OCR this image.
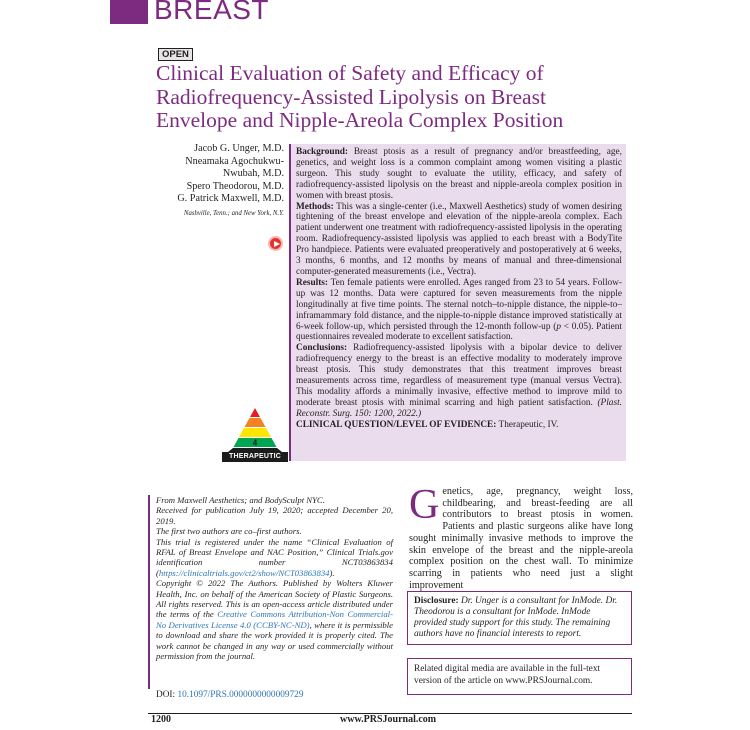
BREAST
OPEN
Clinical Evaluation of Safety and Efficacy of Radiofrequency-Assisted Lipolysis on Breast Envelope and Nipple-Areola Complex Position
Jacob G. Unger, M.D.
Nneamaka Agochukwu-
Nwubah, M.D.
Spero Theodorou, M.D.
G. Patrick Maxwell, M.D.
Nashville, Tenn.; and New York, N.Y.
4
THERAPEUTIC

Background: Breast ptosis as a result of pregnancy and/or breastfeeding, age, genetics, and weight loss is a common complaint among women visiting a plastic surgeon. This study sought to evaluate the utility, efficacy, and safety of radiofrequency-assisted lipolysis on the breast and nipple-areola complex position in women with breast ptosis.

Methods: This was a single-center (i.e., Maxwell Aesthetics) study of women desiring tightening of the breast envelope and elevation of the nipple-areola complex. Each patient underwent one treatment with radiofrequency-assisted lipolysis in the operating room. Radiofrequency-assisted lipolysis was applied to each breast with a BodyTite Pro handpiece. Patients were evaluated preoperatively and postoperatively at 6 weeks, 3 months, 6 months, and 12 months by means of manual and three-dimensional computer-generated measurements (i.e., Vectra).

Results: Ten female patients were enrolled. Ages ranged from 23 to 54 years. Follow-up was 12 months. Data were captured for seven measurements from the nipple longitudinally at five time points. The sternal notch–to-nipple distance, the nipple-to–inframammary fold distance, and the nipple-to-nipple distance improved statistically at 6-week follow-up, which persisted through the 12-month follow-up (p < 0.05). Patient questionnaires revealed moderate to excellent satisfaction.

Conclusions: Radiofrequency-assisted lipolysis with a bipolar device to deliver radiofrequency energy to the breast is an effective modality to moderately improve breast ptosis. This study demonstrates that this treatment improves breast measurements across time, regardless of measurement type (manual versus Vectra). This modality affords a minimally invasive, effective method to improve mild to moderate breast ptosis with minimal scarring and high patient satisfaction. (Plast. Reconstr. Surg. 150: 1200, 2022.)

CLINICAL QUESTION/LEVEL OF EVIDENCE: Therapeutic, IV.

From Maxwell Aesthetics; and BodySculpt NYC.

Received for publication July 19, 2020; accepted December 20, 2019.

The first two authors are co–first authors.

This trial is registered under the name “Clinical Evaluation of RFAL of Breast Envelope and NAC Position,” Clinical Trials.gov identification number NCT03863834 (https://clinicaltrials.gov/ct2/show/NCT03863834).

Copyright © 2022 The Authors. Published by Wolters Kluwer Health, Inc. on behalf of the American Society of Plastic Surgeons. All rights reserved. This is an open-access article distributed under the terms of the Creative Commons Attribution-Non Commercial-No Derivatives License 4.0 (CCBY-NC-ND), where it is permissible to download and share the work provided it is properly cited. The work cannot be changed in any way or used commercially without permission from the journal.

DOI: 10.1097/PRS.0000000000009729
Genetics, age, pregnancy, weight loss, childbearing, and breast-feeding are all contributors to breast ptosis in women. Patients and plastic surgeons alike have long sought minimally invasive methods to improve the skin envelope of the breast and the nipple-areola complex position on the chest wall. To minimize scarring in patients who need just a slight improvement
Disclosure: Dr. Unger is a consultant for InMode. Dr. Theodorou is a consultant for InMode. InMode provided study support for this study. The remaining authors have no financial interests to report.
Related digital media are available in the full-text version of the article on www.PRSJournal.com.
1200	www.PRSJournal.com
